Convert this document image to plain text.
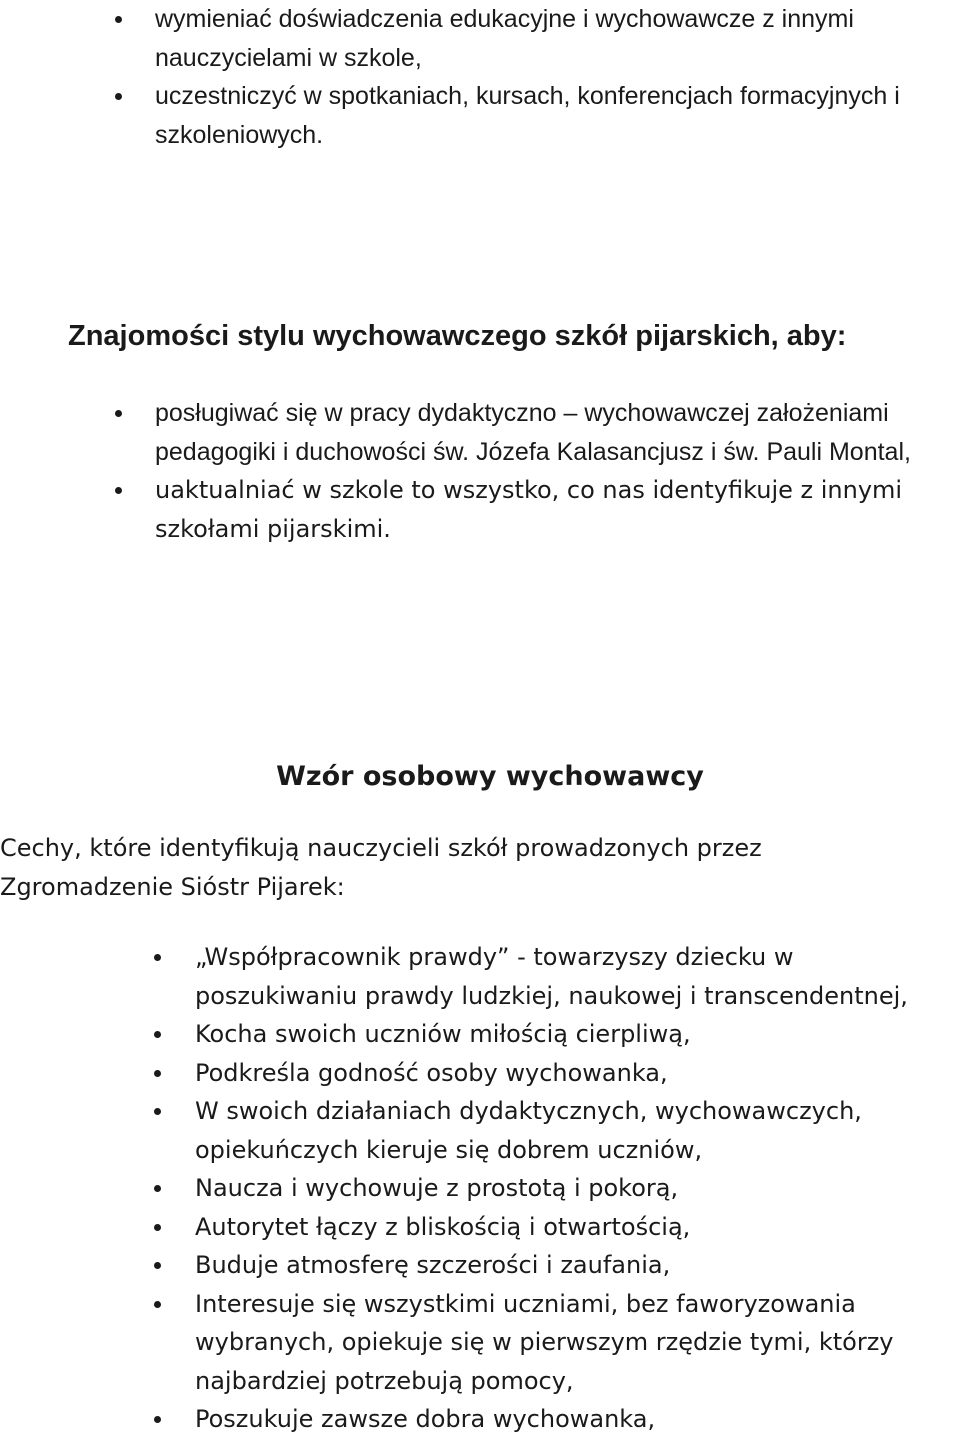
wymieniać doświadczenia edukacyjne i wychowawcze z innymi nauczycielami w szkole,
uczestniczyć w spotkaniach, kursach, konferencjach formacyjnych i szkoleniowych.
Znajomości stylu wychowawczego szkół pijarskich, aby:
posługiwać się w pracy dydaktyczno – wychowawczej założeniami pedagogiki i duchowości św. Józefa Kalasancjusz i św. Pauli Montal,
uaktualniać w szkole to wszystko, co nas identyfikuje z innymi szkołami pijarskimi.
Wzór osobowy wychowawcy

Cechy, które identyfikują nauczycieli szkół prowadzonych przez Zgromadzenie Sióstr Pijarek:

„Współpracownik prawdy” - towarzyszy dziecku w poszukiwaniu prawdy ludzkiej, naukowej i transcendentnej,
Kocha swoich uczniów miłością cierpliwą,
Podkreśla godność osoby wychowanka,
W swoich działaniach dydaktycznych, wychowawczych, opiekuńczych kieruje się dobrem uczniów,
Naucza i wychowuje z prostotą i pokorą,
Autorytet łączy z bliskością i otwartością,
Buduje atmosferę szczerości i zaufania,
Interesuje się wszystkimi uczniami, bez faworyzowania wybranych, opiekuje się w pierwszym rzędzie tymi, którzy najbardziej potrzebują pomocy,
Poszukuje zawsze dobra wychowanka,
